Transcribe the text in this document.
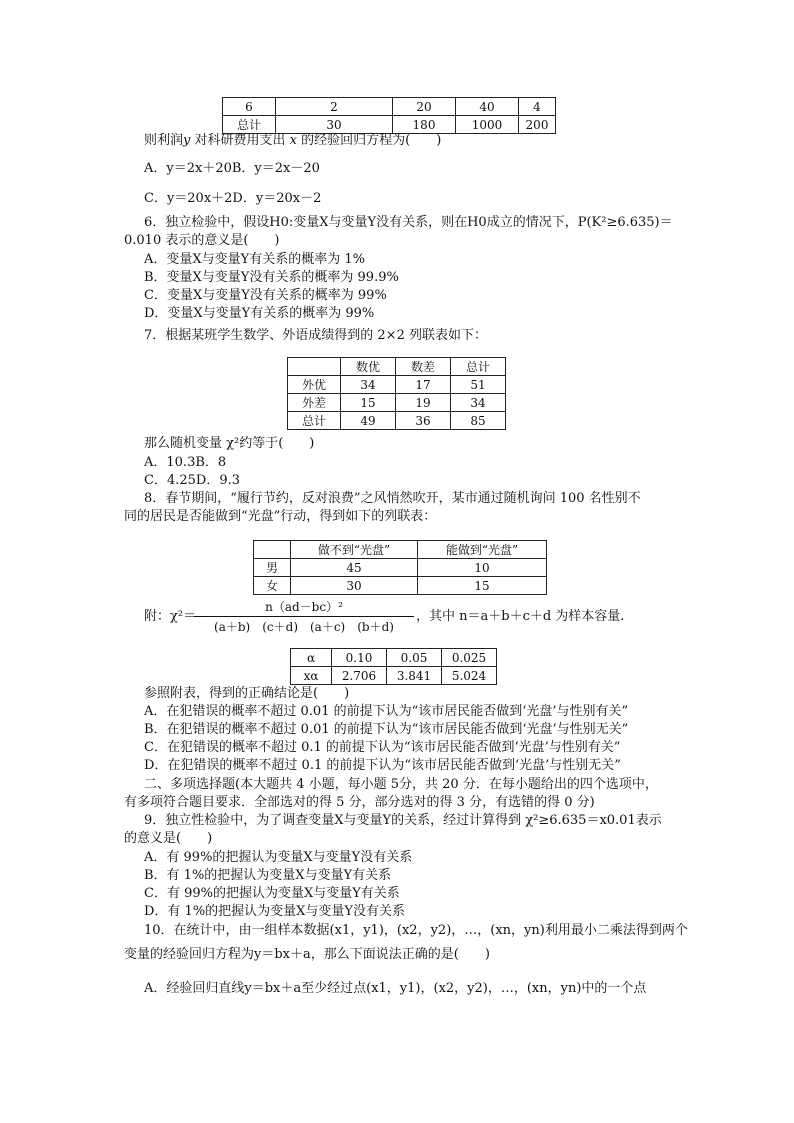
6	2	20	40	4
总计	30	180	1000	200
则利润y 对科研费用支出 x 的经验回归方程为(　　)
A．y＝2x＋20B．y＝2x－20
C．y＝20x＋2D．y＝20x－2
6．独立检验中，假设H0:变量X与变量Y没有关系，则在H0成立的情况下，P(K²≥6.635)＝
0.010 表示的意义是(　　)
A．变量X与变量Y有关系的概率为 1%
B．变量X与变量Y没有关系的概率为 99.9%
C．变量X与变量Y没有关系的概率为 99%
D．变量X与变量Y有关系的概率为 99%
7．根据某班学生数学、外语成绩得到的 2×2 列联表如下：
	数优	数差	总计
外优	34	17	51
外差	15	19	34
总计	49	36	85
那么随机变量 χ²约等于(　　)
A．10.3B．8
C．4.25D．9.3
8．春节期间，“履行节约，反对浪费”之风悄然吹开，某市通过随机询问 100 名性别不
同的居民是否能做到“光盘”行动，得到如下的列联表：
	做不到“光盘”	能做到“光盘”
男	45	10
女	30	15
附：χ²＝
n（ad－bc）²
(a＋b)　(c＋d)　(a＋c)　(b＋d)
，其中 n＝a＋b＋c＋d 为样本容量.
α	0.10	0.05	0.025
xα	2.706	3.841	5.024
参照附表，得到的正确结论是(　　)
A．在犯错误的概率不超过 0.01 的前提下认为“该市居民能否做到‘光盘’与性别有关”
B．在犯错误的概率不超过 0.01 的前提下认为“该市居民能否做到‘光盘’与性别无关”
C．在犯错误的概率不超过 0.1 的前提下认为“该市居民能否做到‘光盘’与性别有关”
D．在犯错误的概率不超过 0.1 的前提下认为“该市居民能否做到‘光盘’与性别无关”
二、多项选择题(本大题共 4 小题，每小题 5分，共 20 分．在每小题给出的四个选项中，
有多项符合题目要求．全部选对的得 5 分，部分选对的得 3 分，有选错的得 0 分)
9．独立性检验中，为了调查变量X与变量Y的关系，经过计算得到 χ²≥6.635＝x0.01表示
的意义是(　　)
A．有 99%的把握认为变量X与变量Y没有关系
B．有 1%的把握认为变量X与变量Y有关系
C．有 99%的把握认为变量X与变量Y有关系
D．有 1%的把握认为变量X与变量Y没有关系
10．在统计中，由一组样本数据(x1，y1)，(x2，y2)，…，(xn，yn)利用最小二乘法得到两个
变量的经验回归方程为y＝bx＋a，那么下面说法正确的是(　　)
A．经验回归直线y＝bx＋a至少经过点(x1，y1)，(x2，y2)，…，(xn，yn)中的一个点
